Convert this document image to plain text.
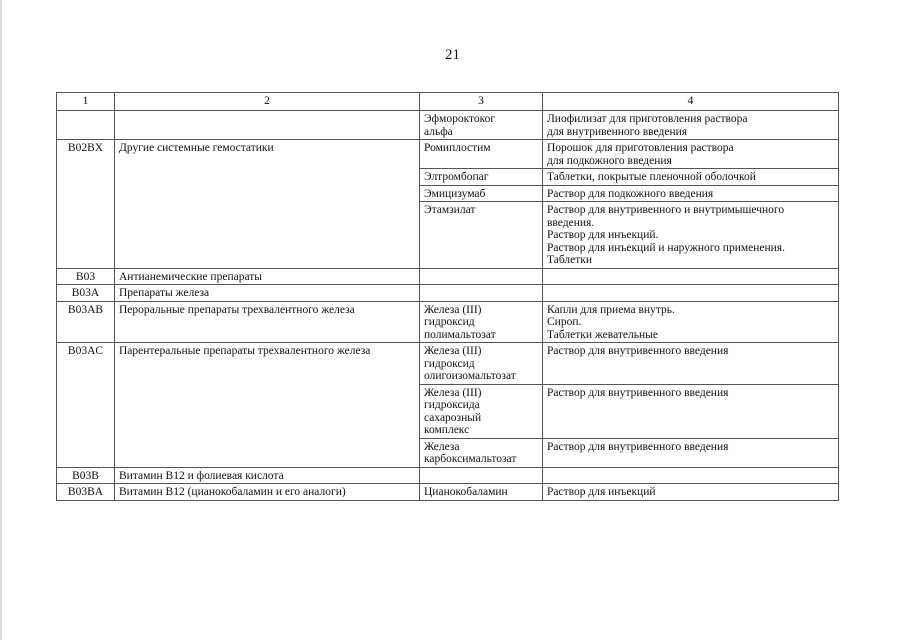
21
1	2	3	4

		Эфмороктоког
альфа	Лиофилизат для приготовления раствора
для внутривенного введения

B02BX	Другие системные гемостатики	Ромиплостим	Порошок для приготовления раствора
для подкожного введения

		Элтромбопаг	Таблетки, покрытые пленочной оболочкой

		Эмицизумаб	Раствор для подкожного введения

		Этамзилат	Раствор для внутривенного и внутримышечного
введения.
Раствор для инъекций.
Раствор для инъекций и наружного применения.
Таблетки

B03	Антианемические препараты		
B03A	Препараты железа		
B03AB	Пероральные препараты трехвалентного железа	Железа (III)
гидроксид
полимальтозат	Капли для приема внутрь.
Сироп.
Таблетки жевательные

B03AC	Парентеральные препараты трехвалентного железа	Железа (III)
гидроксид
олигоизомальтозат	Раствор для внутривенного введения

		Железа (III)
гидроксида
сахарозный
комплекс	Раствор для внутривенного введения

		Железа
карбоксимальтозат	Раствор для внутривенного введения

B03B	Витамин В12 и фолиевая кислота		
B03BA	Витамин В12 (цианокобаламин и его аналоги)	Цианокобаламин	Раствор для инъекций
